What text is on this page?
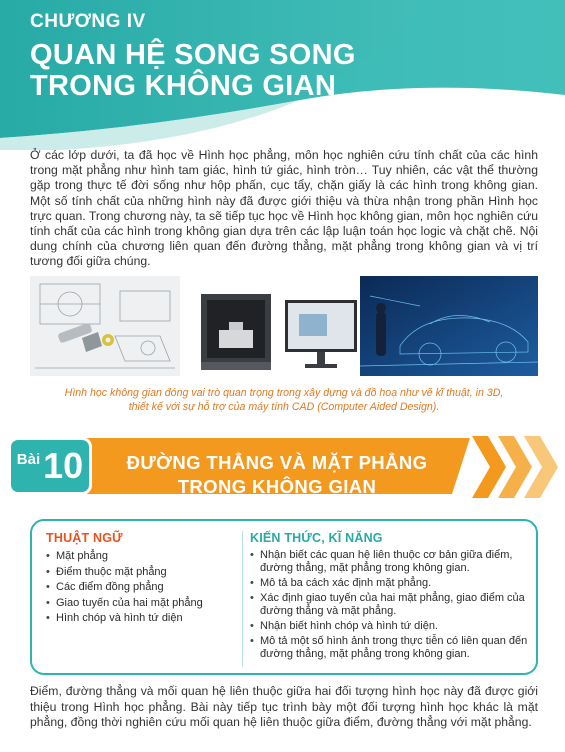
CHƯƠNG IV
QUAN HỆ SONG SONG
TRONG KHÔNG GIAN

Ở các lớp dưới, ta đã học về Hình học phẳng, môn học nghiên cứu tính chất của các hình trong mặt phẳng như hình tam giác, hình tứ giác, hình tròn… Tuy nhiên, các vật thể thường gặp trong thực tế đời sống như hộp phấn, cục tẩy, chặn giấy là các hình trong không gian. Một số tính chất của những hình này đã được giới thiệu và thừa nhận trong phần Hình học trực quan. Trong chương này, ta sẽ tiếp tục học về Hình học không gian, môn học nghiên cứu tính chất của các hình trong không gian dựa trên các lập luận toán học logic và chặt chẽ. Nội dung chính của chương liên quan đến đường thẳng, mặt phẳng trong không gian và vị trí tương đối giữa chúng.

Hình học không gian đóng vai trò quan trọng trong xây dựng và đồ hoạ như vẽ kĩ thuật, in 3D,
thiết kế với sự hỗ trợ của máy tính CAD (Computer Aided Design).
Bài 10	ĐƯỜNG THẲNG VÀ MẶT PHẲNG
TRONG KHÔNG GIAN
THUẬT NGỮ
• Mặt phẳng
• Điểm thuộc mặt phẳng
• Các điểm đồng phẳng
• Giao tuyến của hai mặt phẳng
• Hình chóp và hình tứ diện
KIẾN THỨC, KĨ NĂNG
• Nhận biết các quan hệ liên thuộc cơ bản giữa điểm, đường thẳng, mặt phẳng trong không gian.
• Mô tả ba cách xác định mặt phẳng.
• Xác định giao tuyến của hai mặt phẳng, giao điểm của đường thẳng và mặt phẳng.
• Nhận biết hình chóp và hình tứ diện.
• Mô tả một số hình ảnh trong thực tiễn có liên quan đến đường thẳng, mặt phẳng trong không gian.

Điểm, đường thẳng và mối quan hệ liên thuộc giữa hai đối tượng hình học này đã được giới thiệu trong Hình học phẳng. Bài này tiếp tục trình bày một đối tượng hình học khác là mặt phẳng, đồng thời nghiên cứu mối quan hệ liên thuộc giữa điểm, đường thẳng với mặt phẳng.
